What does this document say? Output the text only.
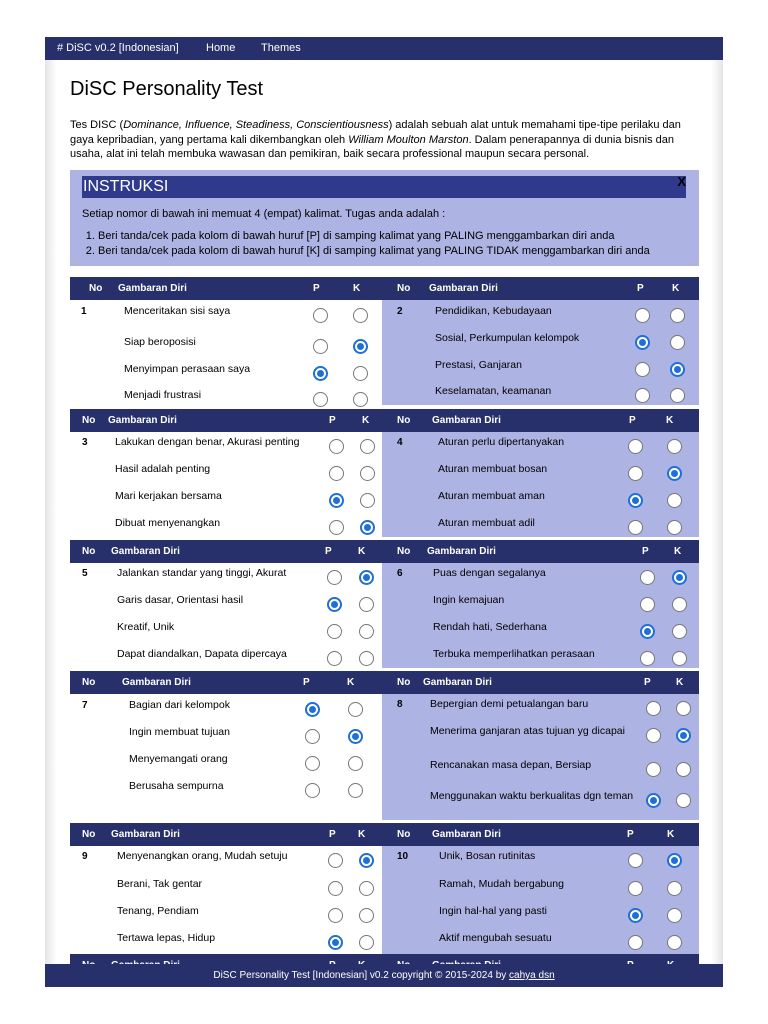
# DiSC v0.2 [Indonesian] Home Themes
DiSC Personality Test
Tes DISC (Dominance, Influence, Steadiness, Conscientiousness) adalah sebuah alat untuk memahami tipe-tipe perilaku dan gaya kepribadian, yang pertama kali dikembangkan oleh William Moulton Marston. Dalam penerapannya di dunia bisnis dan usaha, alat ini telah membuka wawasan dan pemikiran, baik secara professional maupun secara personal.
INSTRUKSI	X
Setiap nomor di bawah ini memuat 4 (empat) kalimat. Tugas anda adalah :
1. Beri tanda/cek pada kolom di bawah huruf [P] di samping kalimat yang PALING menggambarkan diri anda
2. Beri tanda/cek pada kolom di bawah huruf [K] di samping kalimat yang PALING TIDAK menggambarkan diri anda
No Gambaran Diri	P	K	No Gambaran Diri	P	K
1	Menceritakan sisi saya
Siap beroposisi
Menyimpan perasaan saya
Menjadi frustrasi
2	Pendidikan, Kebudayaan
Sosial, Perkumpulan kelompok
Prestasi, Ganjaran
Keselamatan, keamanan
No Gambaran Diri	P	K	No Gambaran Diri	P	K
3	Lakukan dengan benar, Akurasi penting
Hasil adalah penting
Mari kerjakan bersama
Dibuat menyenangkan
4	Aturan perlu dipertanyakan
Aturan membuat bosan
Aturan membuat aman
Aturan membuat adil
No Gambaran Diri	P	K	No Gambaran Diri	P	K
5	Jalankan standar yang tinggi, Akurat
Garis dasar, Orientasi hasil
Kreatif, Unik
Dapat diandalkan, Dapata dipercaya
6	Puas dengan segalanya
Ingin kemajuan
Rendah hati, Sederhana
Terbuka memperlihatkan perasaan
No	Gambaran Diri	P	K	No Gambaran Diri	P	K
7	Bagian dari kelompok
Ingin membuat tujuan
Menyemangati orang
Berusaha sempurna
8	Bepergian demi petualangan baru
Menerima ganjaran atas tujuan yg dicapai
Rencanakan masa depan, Bersiap
Menggunakan waktu berkualitas dgn teman
No Gambaran Diri	P K	No Gambaran Diri	P	K
9	Menyenangkan orang, Mudah setuju
Berani, Tak gentar
Tenang, Pendiam
Tertawa lepas, Hidup
10	Unik, Bosan rutinitas
Ramah, Mudah bergabung
Ingin hal-hal yang pasti
Aktif mengubah sesuatu
DiSC Personality Test [Indonesian] v0.2 copyright © 2015-2024 by cahya dsn
